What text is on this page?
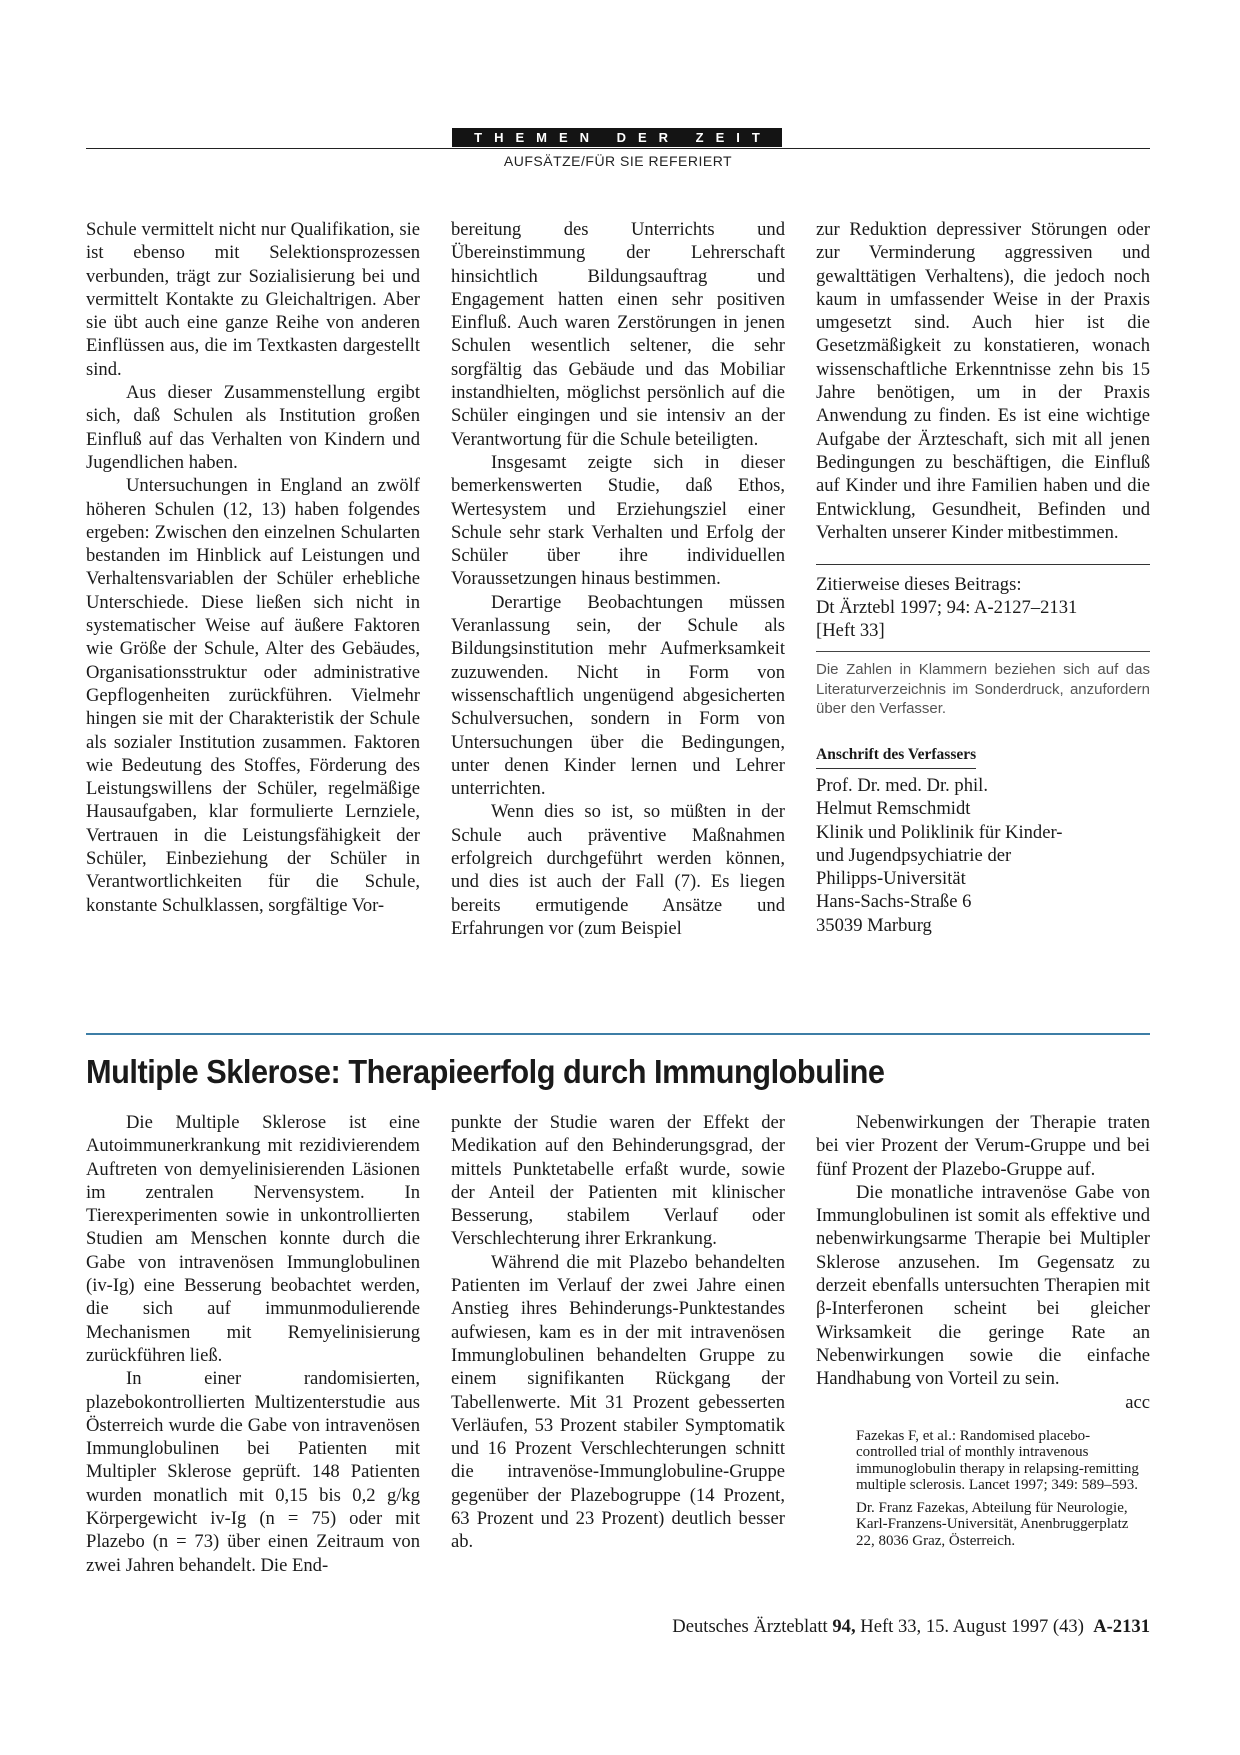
THEMEN DER ZEIT
AUFSÄTZE/FÜR SIE REFERIERT

Schule vermittelt nicht nur Qualifikation, sie ist ebenso mit Selektionsprozessen verbunden, trägt zur Sozialisierung bei und vermittelt Kontakte zu Gleichaltrigen. Aber sie übt auch eine ganze Reihe von anderen Einflüssen aus, die im Textkasten dargestellt sind.

Aus dieser Zusammenstellung ergibt sich, daß Schulen als Institution großen Einfluß auf das Verhalten von Kindern und Jugendlichen haben.

Untersuchungen in England an zwölf höheren Schulen (12, 13) haben folgendes ergeben: Zwischen den einzelnen Schularten bestanden im Hinblick auf Leistungen und Verhaltensvariablen der Schüler erhebliche Unterschiede. Diese ließen sich nicht in systematischer Weise auf äußere Faktoren wie Größe der Schule, Alter des Gebäudes, Organisationsstruktur oder administrative Gepflogenheiten zurückführen. Vielmehr hingen sie mit der Charakteristik der Schule als sozialer Institution zusammen. Faktoren wie Bedeutung des Stoffes, Förderung des Leistungswillens der Schüler, regelmäßige Hausaufgaben, klar formulierte Lernziele, Vertrauen in die Leistungsfähigkeit der Schüler, Einbeziehung der Schüler in Verantwortlichkeiten für die Schule, konstante Schulklassen, sorgfältige Vor-

bereitung des Unterrichts und Übereinstimmung der Lehrerschaft hinsichtlich Bildungsauftrag und Engagement hatten einen sehr positiven Einfluß. Auch waren Zerstörungen in jenen Schulen wesentlich seltener, die sehr sorgfältig das Gebäude und das Mobiliar instandhielten, möglichst persönlich auf die Schüler eingingen und sie intensiv an der Verantwortung für die Schule beteiligten.

Insgesamt zeigte sich in dieser bemerkenswerten Studie, daß Ethos, Wertesystem und Erziehungsziel einer Schule sehr stark Verhalten und Erfolg der Schüler über ihre individuellen Voraussetzungen hinaus bestimmen.

Derartige Beobachtungen müssen Veranlassung sein, der Schule als Bildungsinstitution mehr Aufmerksamkeit zuzuwenden. Nicht in Form von wissenschaftlich ungenügend abgesicherten Schulversuchen, sondern in Form von Untersuchungen über die Bedingungen, unter denen Kinder lernen und Lehrer unterrichten.

Wenn dies so ist, so müßten in der Schule auch präventive Maßnahmen erfolgreich durchgeführt werden können, und dies ist auch der Fall (7). Es liegen bereits ermutigende Ansätze und Erfahrungen vor (zum Beispiel

zur Reduktion depressiver Störungen oder zur Verminderung aggressiven und gewalttätigen Verhaltens), die jedoch noch kaum in umfassender Weise in der Praxis umgesetzt sind. Auch hier ist die Gesetzmäßigkeit zu konstatieren, wonach wissenschaftliche Erkenntnisse zehn bis 15 Jahre benötigen, um in der Praxis Anwendung zu finden. Es ist eine wichtige Aufgabe der Ärzteschaft, sich mit all jenen Bedingungen zu beschäftigen, die Einfluß auf Kinder und ihre Familien haben und die Entwicklung, Gesundheit, Befinden und Verhalten unserer Kinder mitbestimmen.

Zitierweise dieses Beitrags:

Dt Ärztebl 1997; 94: A-2127–2131

[Heft 33]

Die Zahlen in Klammern beziehen sich auf das Literaturverzeichnis im Sonderdruck, anzufordern über den Verfasser.
Anschrift des Verfassers
Prof. Dr. med. Dr. phil.
Helmut Remschmidt
Klinik und Poliklinik für Kinder-
und Jugendpsychiatrie der
Philipps-Universität
Hans-Sachs-Straße 6
35039 Marburg
Multiple Sklerose: Therapieerfolg durch Immunglobuline

Die Multiple Sklerose ist eine Autoimmunerkrankung mit rezidivierendem Auftreten von demyelinisierenden Läsionen im zentralen Nervensystem. In Tierexperimenten sowie in unkontrollierten Studien am Menschen konnte durch die Gabe von intravenösen Immunglobulinen (iv-Ig) eine Besserung beobachtet werden, die sich auf immunmodulierende Mechanismen mit Remyelinisierung zurückführen ließ.

In einer randomisierten, plazebokontrollierten Multizenterstudie aus Österreich wurde die Gabe von intravenösen Immunglobulinen bei Patienten mit Multipler Sklerose geprüft. 148 Patienten wurden monatlich mit 0,15 bis 0,2 g/kg Körpergewicht iv-Ig (n = 75) oder mit Plazebo (n = 73) über einen Zeitraum von zwei Jahren behandelt. Die End-

punkte der Studie waren der Effekt der Medikation auf den Behinderungsgrad, der mittels Punktetabelle erfaßt wurde, sowie der Anteil der Patienten mit klinischer Besserung, stabilem Verlauf oder Verschlechterung ihrer Erkrankung.

Während die mit Plazebo behandelten Patienten im Verlauf der zwei Jahre einen Anstieg ihres Behinderungs-Punktestandes aufwiesen, kam es in der mit intravenösen Immunglobulinen behandelten Gruppe zu einem signifikanten Rückgang der Tabellenwerte. Mit 31 Prozent gebesserten Verläufen, 53 Prozent stabiler Symptomatik und 16 Prozent Verschlechterungen schnitt die intravenöse-Immunglobuline-Gruppe gegenüber der Plazebogruppe (14 Prozent, 63 Prozent und 23 Prozent) deutlich besser ab.

Nebenwirkungen der Therapie traten bei vier Prozent der Verum-Gruppe und bei fünf Prozent der Plazebo-Gruppe auf.

Die monatliche intravenöse Gabe von Immunglobulinen ist somit als effektive und nebenwirkungsarme Therapie bei Multipler Sklerose anzusehen. Im Gegensatz zu derzeit ebenfalls untersuchten Therapien mit β-Interferonen scheint bei gleicher Wirksamkeit die geringe Rate an Nebenwirkungen sowie die einfache Handhabung von Vorteil zu sein.

acc
Fazekas F, et al.: Randomised placebo-controlled trial of monthly intravenous immunoglobulin therapy in relapsing-remitting multiple sclerosis. Lancet 1997; 349: 589–593.
Dr. Franz Fazekas, Abteilung für Neurologie, Karl-Franzens-Universität, Anenbruggerplatz 22, 8036 Graz, Österreich.
Deutsches Ärzteblatt 94, Heft 33, 15. August 1997 (43) A-2131
